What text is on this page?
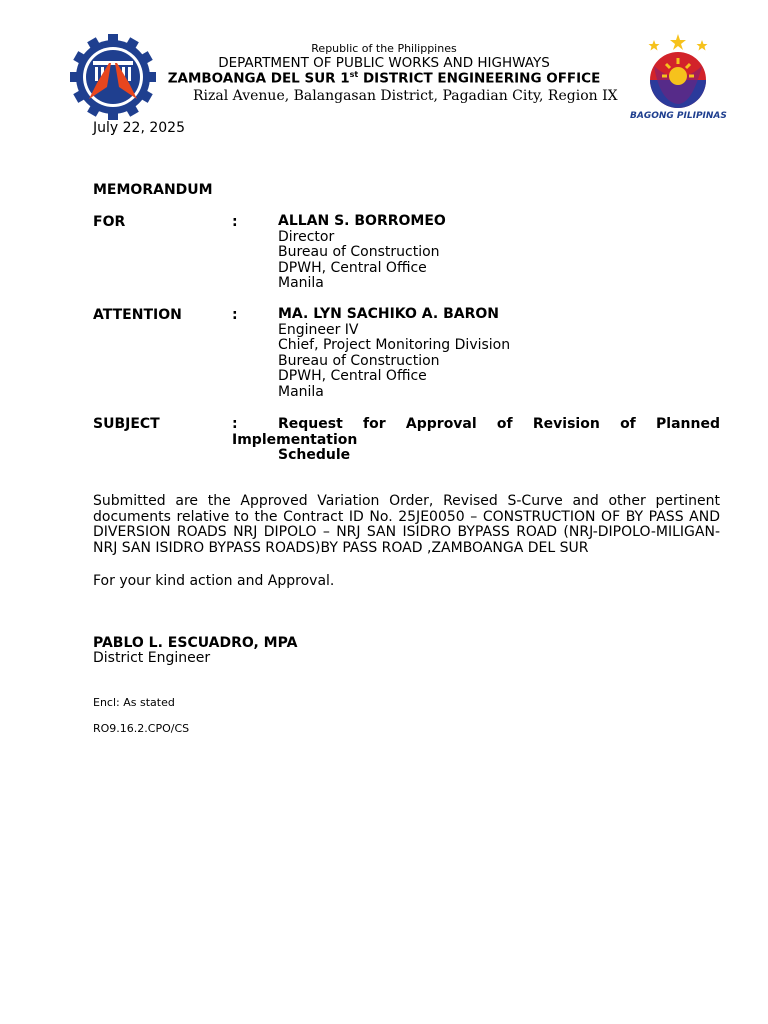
BAGONG PILIPINAS
Republic of the Philippines
DEPARTMENT OF PUBLIC WORKS AND HIGHWAYS
ZAMBOANGA DEL SUR 1st DISTRICT ENGINEERING OFFICE
Rizal Avenue, Balangasan District, Pagadian City, Region IX
July 22, 2025
MEMORANDUM
FOR	:	ALLAN S. BORROMEO
Director
Bureau of Construction
DPWH, Central Office
Manila
ATTENTION	:	MA. LYN SACHIKO A. BARON
Engineer IV
Chief, Project Monitoring Division
Bureau of Construction
DPWH, Central Office
Manila
SUBJECT	:	Request for Approval of Revision of Planned
Implementation
Schedule
Submitted are the Approved Variation Order, Revised S-Curve and other pertinent documents relative to the Contract ID No. 25JE0050 – CONSTRUCTION OF BY PASS AND DIVERSION ROADS NRJ DIPOLO – NRJ SAN ISIDRO BYPASS ROAD (NRJ-DIPOLO-MILIGAN-NRJ SAN ISIDRO BYPASS ROADS)BY PASS ROAD ,ZAMBOANGA DEL SUR
For your kind action and Approval.
PABLO L. ESCUADRO, MPA
District Engineer
Encl: As stated
RO9.16.2.CPO/CS
